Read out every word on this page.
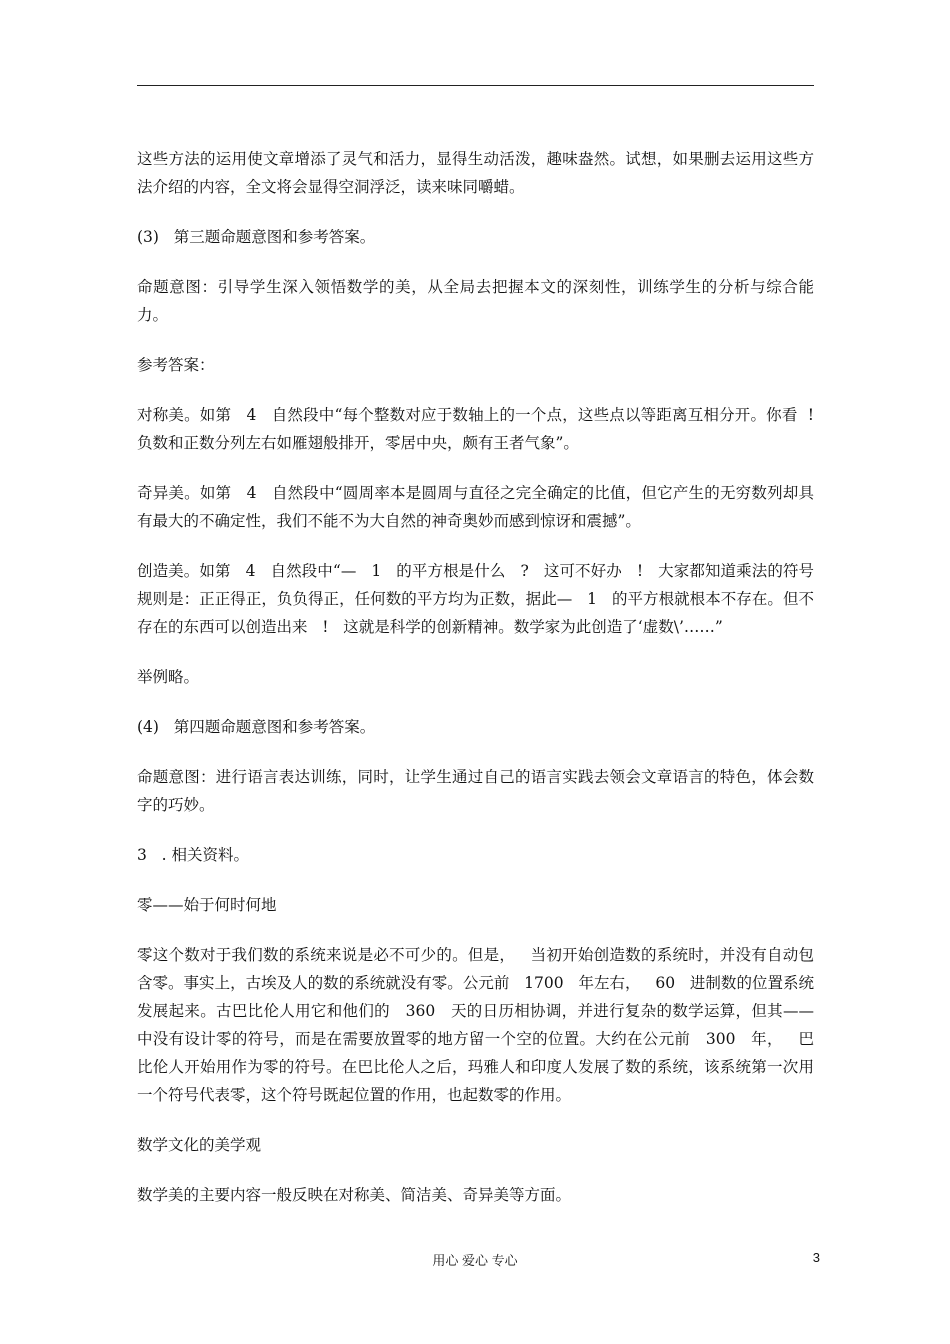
这些方法的运用使文章增添了灵气和活力，显得生动活泼，趣味盎然。试想，如果删去运用这些方法介绍的内容，全文将会显得空洞浮泛，读来味同嚼蜡。

(3)   第三题命题意图和参考答案。

命题意图：引导学生深入领悟数学的美，从全局去把握本文的深刻性，训练学生的分析与综合能力。

参考答案：

对称美。如第   4   自然段中“每个整数对应于数轴上的一个点，这些点以等距离互相分开。你看  !   负数和正数分列左右如雁翅般排开，零居中央，颇有王者气象”。

奇异美。如第   4   自然段中“圆周率本是圆周与直径之完全确定的比值，但它产生的无穷数列却具有最大的不确定性，我们不能不为大自然的神奇奥妙而感到惊讶和震撼”。

创造美。如第   4   自然段中“—   1   的平方根是什么   ?   这可不好办   !   大家都知道乘法的符号规则是：正正得正，负负得正，任何数的平方均为正数，据此—   1   的平方根就根本不存在。但不存在的东西可以创造出来   !   这就是科学的创新精神。数学家为此创造了‘虚数\’……”

举例略。

(4)   第四题命题意图和参考答案。

命题意图：进行语言表达训练，同时，让学生通过自己的语言实践去领会文章语言的特色，体会数字的巧妙。

3   . 相关资料。

零——始于何时何地

零这个数对于我们数的系统来说是必不可少的。但是，   当初开始创造数的系统时，并没有自动包含零。事实上，古埃及人的数的系统就没有零。公元前   1700   年左右，   60   进制数的位置系统发展起来。古巴比伦人用它和他们的   360   天的日历相协调，并进行复杂的数学运算，但其——中没有设计零的符号，而是在需要放置零的地方留一个空的位置。大约在公元前   300   年，   巴比伦人开始用作为零的符号。在巴比伦人之后，玛雅人和印度人发展了数的系统，该系统第一次用一个符号代表零，这个符号既起位置的作用，也起数零的作用。

数学文化的美学观

数学美的主要内容一般反映在对称美、简洁美、奇异美等方面。

用心 爱心 专心	3
